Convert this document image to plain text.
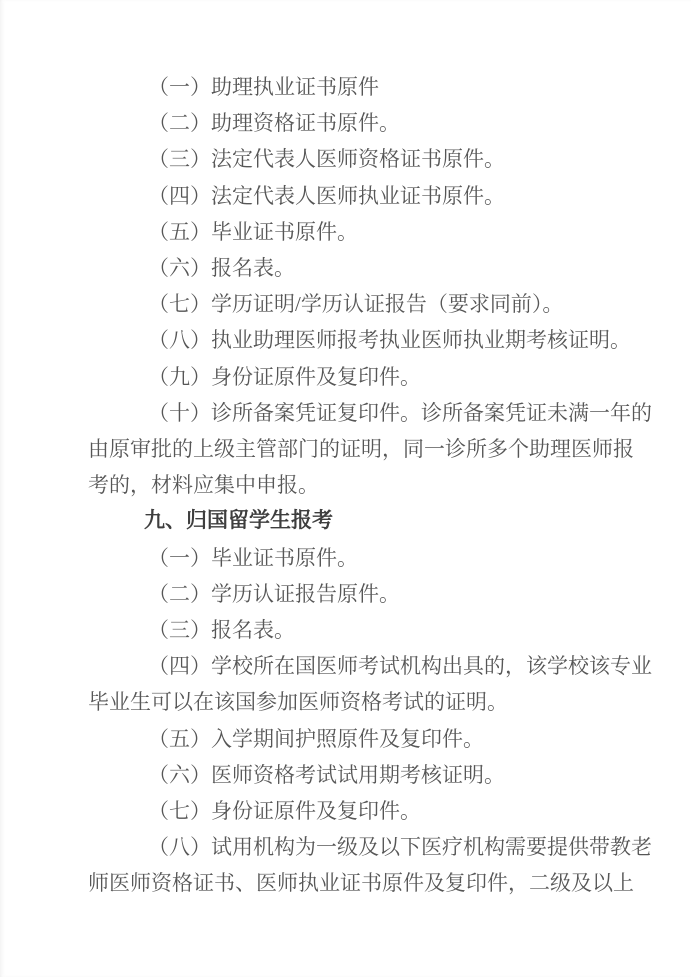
（一）助理执业证书原件
（二）助理资格证书原件。
（三）法定代表人医师资格证书原件。
（四）法定代表人医师执业证书原件。
（五）毕业证书原件。
（六）报名表。
（七）学历证明/学历认证报告（要求同前）。
（八）执业助理医师报考执业医师执业期考核证明。
（九）身份证原件及复印件。
（十）诊所备案凭证复印件。诊所备案凭证未满一年的由原审批的上级主管部门的证明，同一诊所多个助理医师报考的，材料应集中申报。
九、归国留学生报考
（一）毕业证书原件。
（二）学历认证报告原件。
（三）报名表。
（四）学校所在国医师考试机构出具的，该学校该专业毕业生可以在该国参加医师资格考试的证明。
（五）入学期间护照原件及复印件。
（六）医师资格考试试用期考核证明。
（七）身份证原件及复印件。
（八）试用机构为一级及以下医疗机构需要提供带教老师医师资格证书、医师执业证书原件及复印件，二级及以上
